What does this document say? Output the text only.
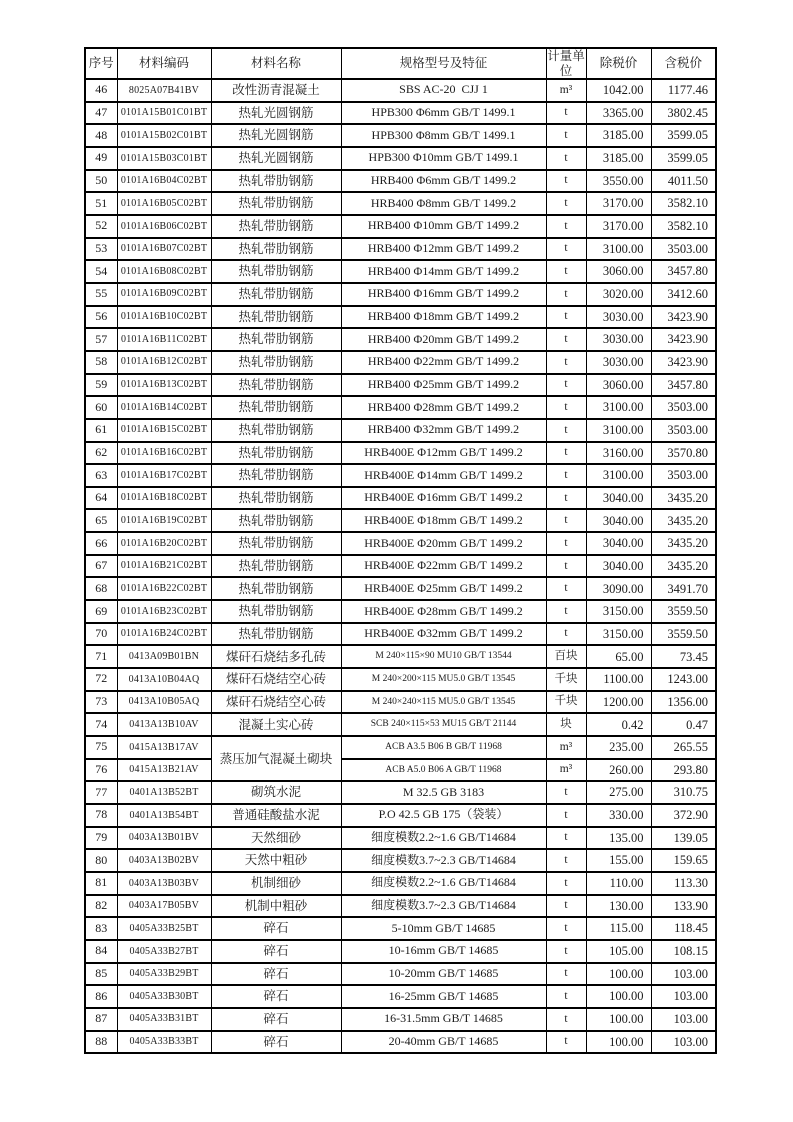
序号	材料编码	材料名称	规格型号及特征	计量单位	除税价	含税价
46	8025A07B41BV	改性沥青混凝土	SBS AC-20  CJJ 1	m³	1042.00	1177.46
47	0101A15B01C01BT	热轧光圆钢筋	HPB300 Φ6mm GB/T 1499.1	t	3365.00	3802.45
48	0101A15B02C01BT	热轧光圆钢筋	HPB300 Φ8mm GB/T 1499.1	t	3185.00	3599.05
49	0101A15B03C01BT	热轧光圆钢筋	HPB300 Φ10mm GB/T 1499.1	t	3185.00	3599.05
50	0101A16B04C02BT	热轧带肋钢筋	HRB400 Φ6mm GB/T 1499.2	t	3550.00	4011.50
51	0101A16B05C02BT	热轧带肋钢筋	HRB400 Φ8mm GB/T 1499.2	t	3170.00	3582.10
52	0101A16B06C02BT	热轧带肋钢筋	HRB400 Φ10mm GB/T 1499.2	t	3170.00	3582.10
53	0101A16B07C02BT	热轧带肋钢筋	HRB400 Φ12mm GB/T 1499.2	t	3100.00	3503.00
54	0101A16B08C02BT	热轧带肋钢筋	HRB400 Φ14mm GB/T 1499.2	t	3060.00	3457.80
55	0101A16B09C02BT	热轧带肋钢筋	HRB400 Φ16mm GB/T 1499.2	t	3020.00	3412.60
56	0101A16B10C02BT	热轧带肋钢筋	HRB400 Φ18mm GB/T 1499.2	t	3030.00	3423.90
57	0101A16B11C02BT	热轧带肋钢筋	HRB400 Φ20mm GB/T 1499.2	t	3030.00	3423.90
58	0101A16B12C02BT	热轧带肋钢筋	HRB400 Φ22mm GB/T 1499.2	t	3030.00	3423.90
59	0101A16B13C02BT	热轧带肋钢筋	HRB400 Φ25mm GB/T 1499.2	t	3060.00	3457.80
60	0101A16B14C02BT	热轧带肋钢筋	HRB400 Φ28mm GB/T 1499.2	t	3100.00	3503.00
61	0101A16B15C02BT	热轧带肋钢筋	HRB400 Φ32mm GB/T 1499.2	t	3100.00	3503.00
62	0101A16B16C02BT	热轧带肋钢筋	HRB400E Φ12mm GB/T 1499.2	t	3160.00	3570.80
63	0101A16B17C02BT	热轧带肋钢筋	HRB400E Φ14mm GB/T 1499.2	t	3100.00	3503.00
64	0101A16B18C02BT	热轧带肋钢筋	HRB400E Φ16mm GB/T 1499.2	t	3040.00	3435.20
65	0101A16B19C02BT	热轧带肋钢筋	HRB400E Φ18mm GB/T 1499.2	t	3040.00	3435.20
66	0101A16B20C02BT	热轧带肋钢筋	HRB400E Φ20mm GB/T 1499.2	t	3040.00	3435.20
67	0101A16B21C02BT	热轧带肋钢筋	HRB400E Φ22mm GB/T 1499.2	t	3040.00	3435.20
68	0101A16B22C02BT	热轧带肋钢筋	HRB400E Φ25mm GB/T 1499.2	t	3090.00	3491.70
69	0101A16B23C02BT	热轧带肋钢筋	HRB400E Φ28mm GB/T 1499.2	t	3150.00	3559.50
70	0101A16B24C02BT	热轧带肋钢筋	HRB400E Φ32mm GB/T 1499.2	t	3150.00	3559.50
71	0413A09B01BN	煤矸石烧结多孔砖	M 240×115×90 MU10 GB/T 13544	百块	65.00	73.45
72	0413A10B04AQ	煤矸石烧结空心砖	M 240×200×115 MU5.0 GB/T 13545	千块	1100.00	1243.00
73	0413A10B05AQ	煤矸石烧结空心砖	M 240×240×115 MU5.0 GB/T 13545	千块	1200.00	1356.00
74	0413A13B10AV	混凝土实心砖	SCB 240×115×53 MU15 GB/T 21144	块	0.42	0.47
75	0415A13B17AV	蒸压加气混凝土砌块	ACB A3.5 B06 B GB/T 11968	m³	235.00	265.55
76	0415A13B21AV		ACB A5.0 B06 A GB/T 11968	m³	260.00	293.80
77	0401A13B52BT	砌筑水泥	M 32.5 GB 3183	t	275.00	310.75
78	0401A13B54BT	普通硅酸盐水泥	P.O 42.5 GB 175（袋装）	t	330.00	372.90
79	0403A13B01BV	天然细砂	细度模数2.2~1.6 GB/T14684	t	135.00	139.05
80	0403A13B02BV	天然中粗砂	细度模数3.7~2.3 GB/T14684	t	155.00	159.65
81	0403A13B03BV	机制细砂	细度模数2.2~1.6 GB/T14684	t	110.00	113.30
82	0403A17B05BV	机制中粗砂	细度模数3.7~2.3 GB/T14684	t	130.00	133.90
83	0405A33B25BT	碎石	5-10mm GB/T 14685	t	115.00	118.45
84	0405A33B27BT	碎石	10-16mm GB/T 14685	t	105.00	108.15
85	0405A33B29BT	碎石	10-20mm GB/T 14685	t	100.00	103.00
86	0405A33B30BT	碎石	16-25mm GB/T 14685	t	100.00	103.00
87	0405A33B31BT	碎石	16-31.5mm GB/T 14685	t	100.00	103.00
88	0405A33B33BT	碎石	20-40mm GB/T 14685	t	100.00	103.00
